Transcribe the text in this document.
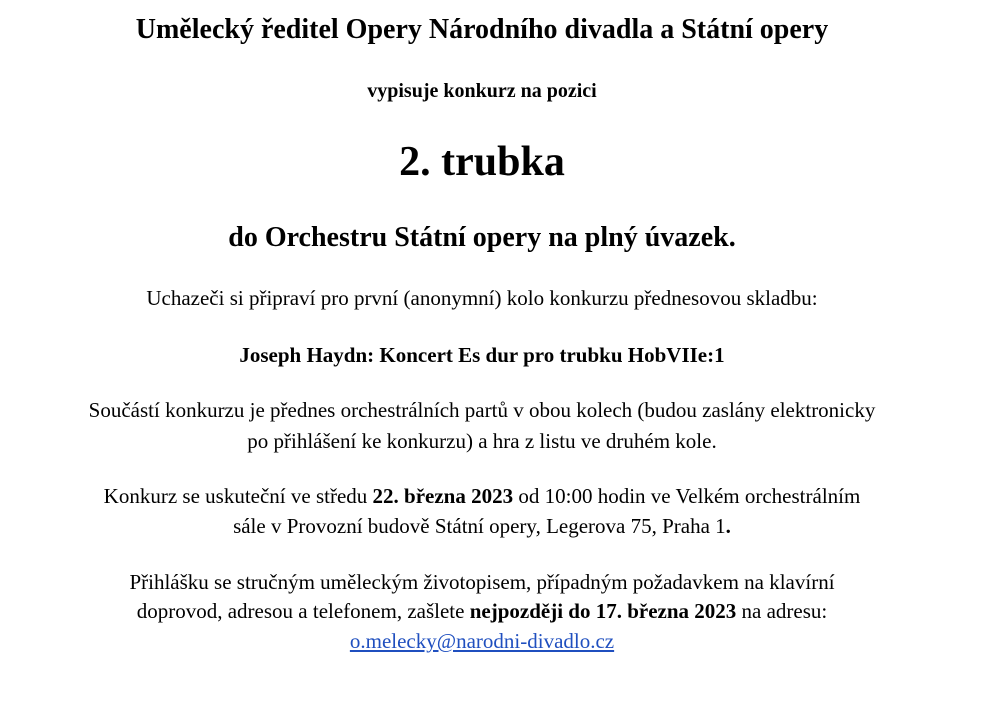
Umělecký ředitel Opery Národního divadla a Státní opery
vypisuje konkurz na pozici
2. trubka
do Orchestru Státní opery na plný úvazek.
Uchazeči si připraví pro první (anonymní) kolo konkurzu přednesovou skladbu:
Joseph Haydn: Koncert Es dur pro trubku HobVIIe:1
Součástí konkurzu je přednes orchestrálních partů v obou kolech (budou zaslány elektronicky
po přihlášení ke konkurzu) a hra z listu ve druhém kole.
Konkurz se uskuteční ve středu 22. března 2023 od 10:00 hodin ve Velkém orchestrálním
sále v Provozní budově Státní opery, Legerova 75, Praha 1.
Přihlášku se stručným uměleckým životopisem, případným požadavkem na klavírní
doprovod, adresou a telefonem, zašlete nejpozději do 17. března 2023 na adresu:
o.melecky@narodni-divadlo.cz
